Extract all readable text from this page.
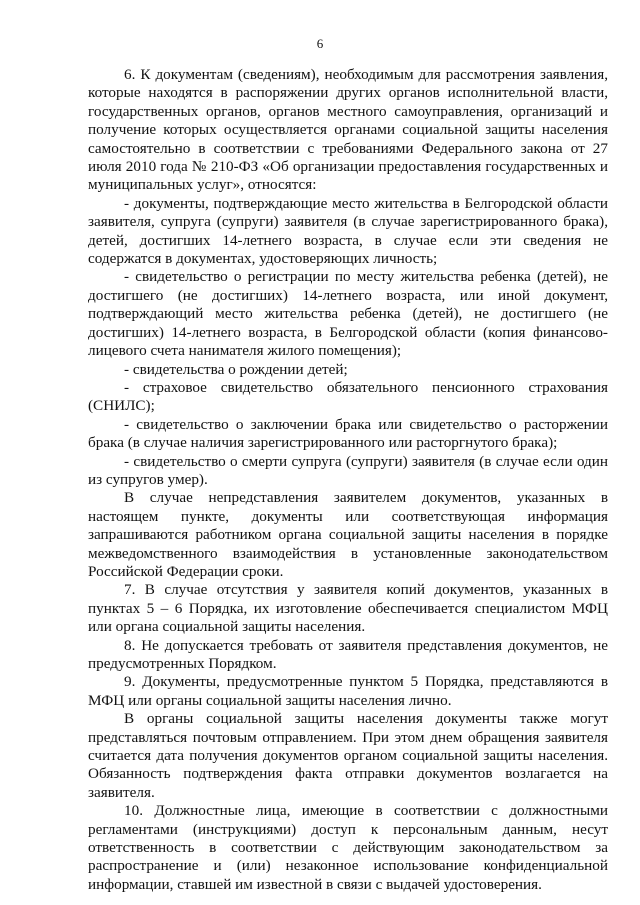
6

6. К документам (сведениям), необходимым для рассмотрения заявления, которые находятся в распоряжении других органов исполнительной власти, государственных органов, органов местного самоуправления, организаций и получение которых осуществляется органами социальной защиты населения самостоятельно в соответствии с требованиями Федерального закона от 27 июля 2010 года № 210-ФЗ «Об организации предоставления государственных и муниципальных услуг», относятся:

- документы, подтверждающие место жительства в Белгородской области заявителя, супруга (супруги) заявителя (в случае зарегистрированного брака), детей, достигших 14-летнего возраста, в случае если эти сведения не содержатся в документах, удостоверяющих личность;

- свидетельство о регистрации по месту жительства ребенка (детей), не достигшего (не достигших) 14-летнего возраста, или иной документ, подтверждающий место жительства ребенка (детей), не достигшего (не достигших) 14-летнего возраста, в Белгородской области (копия финансово-лицевого счета нанимателя жилого помещения);

- свидетельства о рождении детей;

- страховое свидетельство обязательного пенсионного страхования (СНИЛС);

- свидетельство о заключении брака или свидетельство о расторжении брака (в случае наличия зарегистрированного или расторгнутого брака);

- свидетельство о смерти супруга (супруги) заявителя (в случае если один из супругов умер).

В случае непредставления заявителем документов, указанных в настоящем пункте, документы или соответствующая информация запрашиваются работником органа социальной защиты населения в порядке межведомственного взаимодействия в установленные законодательством Российской Федерации сроки.

7. В случае отсутствия у заявителя копий документов, указанных в пунктах 5 – 6 Порядка, их изготовление обеспечивается специалистом МФЦ или органа социальной защиты населения.

8. Не допускается требовать от заявителя представления документов, не предусмотренных Порядком.

9. Документы, предусмотренные пунктом 5 Порядка, представляются в МФЦ или органы социальной защиты населения лично.

В органы социальной защиты населения документы также могут представляться почтовым отправлением. При этом днем обращения заявителя считается дата получения документов органом социальной защиты населения. Обязанность подтверждения факта отправки документов возлагается на заявителя.

10. Должностные лица, имеющие в соответствии с должностными регламентами (инструкциями) доступ к персональным данным, несут ответственность в соответствии с действующим законодательством за распространение и (или) незаконное использование конфиденциальной информации, ставшей им известной в связи с выдачей удостоверения.
